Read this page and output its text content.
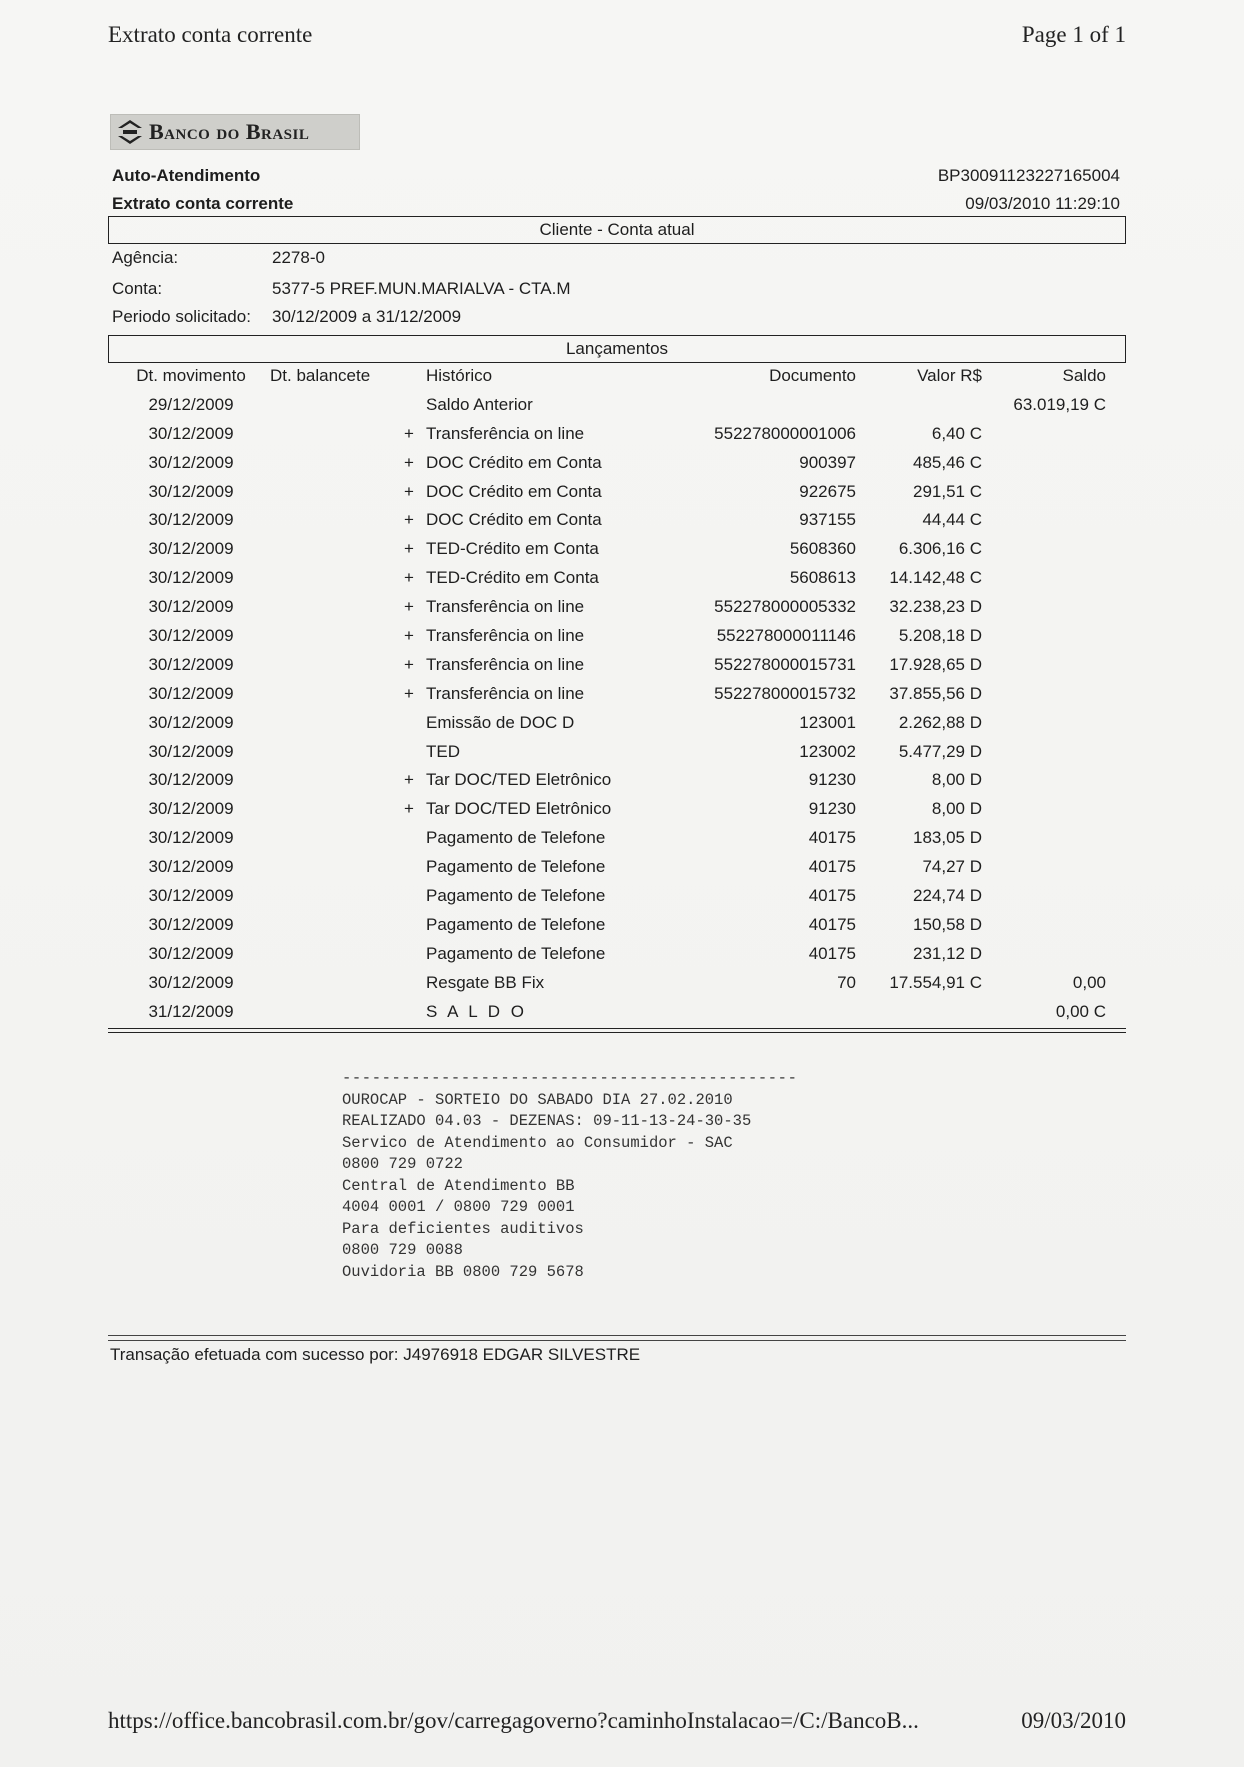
Extrato conta corrente	Page 1 of 1
Banco do Brasil
Auto-Atendimento
Extrato conta corrente
BP30091123227165004
09/03/2010 11:29:10
Cliente - Conta atual
Agência:	2278-0
Conta:	5377-5 PREF.MUN.MARIALVA - CTA.M
Periodo solicitado: 30/12/2009 a 31/12/2009
Lançamentos
Dt. movimento	Dt. balancete	Histórico	Documento	Valor R$	Saldo
29/12/2009	Saldo Anterior	63.019,19 C
30/12/2009	+ Transferência on line	552278000001006	6,40 C
30/12/2009	+ DOC Crédito em Conta	900397	485,46 C
30/12/2009	+ DOC Crédito em Conta	922675	291,51 C
30/12/2009	+ DOC Crédito em Conta	937155	44,44 C
30/12/2009	+ TED-Crédito em Conta	5608360	6.306,16 C
30/12/2009	+ TED-Crédito em Conta	5608613 14.142,48 C
30/12/2009	+ Transferência on line	552278000005332 32.238,23 D
30/12/2009	+ Transferência on line	552278000011146	5.208,18 D
30/12/2009	+ Transferência on line	552278000015731 17.928,65 D
30/12/2009	+ Transferência on line	552278000015732 37.855,56 D
30/12/2009	Emissão de DOC D	123001	2.262,88 D
30/12/2009	TED	123002	5.477,29 D
30/12/2009	+ Tar DOC/TED Eletrônico	91230	8,00 D
30/12/2009	+ Tar DOC/TED Eletrônico	91230	8,00 D
30/12/2009	Pagamento de Telefone	40175	183,05 D
30/12/2009	Pagamento de Telefone	40175	74,27 D
30/12/2009	Pagamento de Telefone	40175	224,74 D
30/12/2009	Pagamento de Telefone	40175	150,58 D
30/12/2009	Pagamento de Telefone	40175	231,12 D
30/12/2009	Resgate BB Fix	70 17.554,91 C	0,00
31/12/2009	S A L D O	0,00 C
----------------------------------------------
OUROCAP - SORTEIO DO SABADO DIA 27.02.2010
REALIZADO 04.03 - DEZENAS: 09-11-13-24-30-35
Servico de Atendimento ao Consumidor - SAC
0800 729 0722
Central de Atendimento BB
4004 0001 / 0800 729 0001
Para deficientes auditivos
0800 729 0088
Ouvidoria BB 0800 729 5678
Transação efetuada com sucesso por: J4976918 EDGAR SILVESTRE
https://office.bancobrasil.com.br/gov/carregagoverno?caminhoInstalacao=/C:/BancoB...	09/03/2010
